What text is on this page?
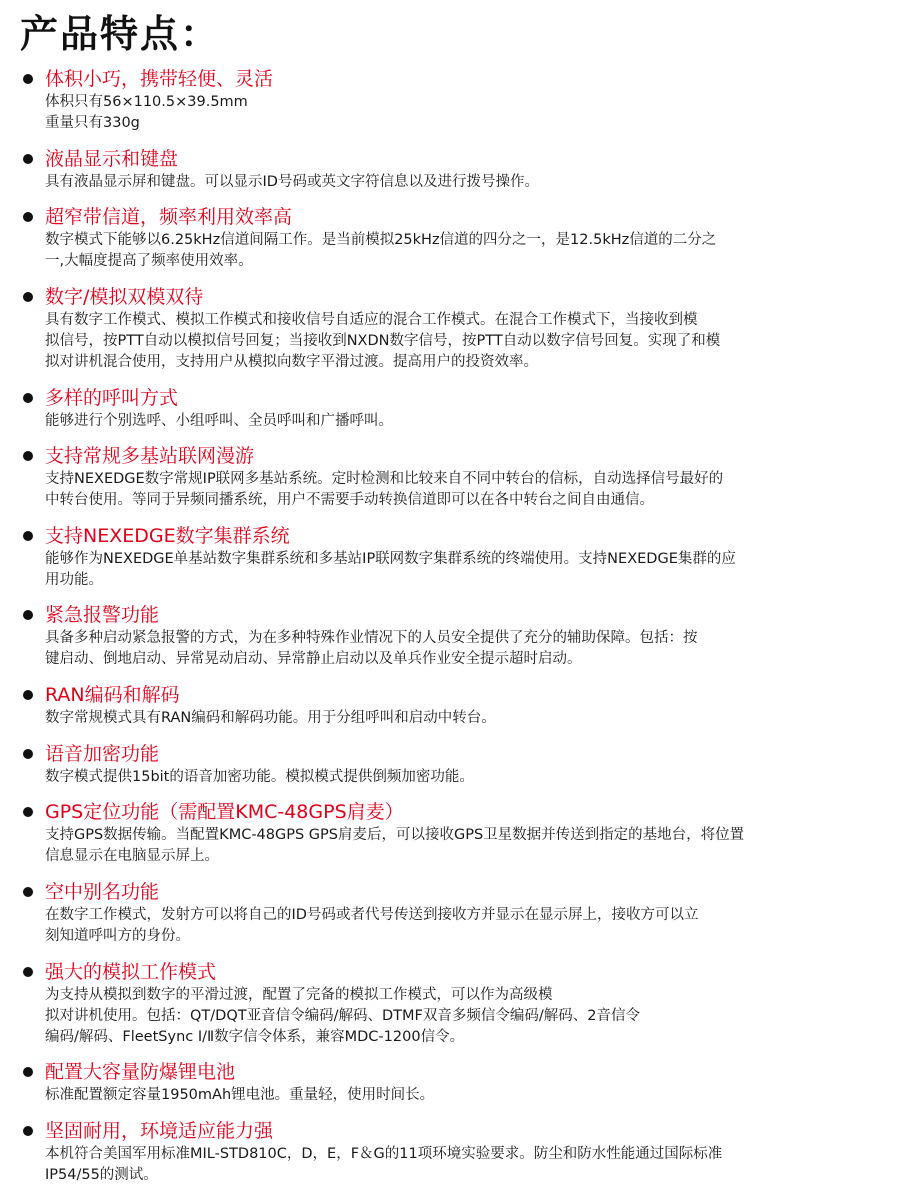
产品特点：
体积小巧，携带轻便、灵活
体积只有56×110.5×39.5mm
重量只有330g
液晶显示和键盘
具有液晶显示屏和键盘。可以显示ID号码或英文字符信息以及进行拨号操作。
超窄带信道，频率利用效率高
数字模式下能够以6.25kHz信道间隔工作。是当前模拟25kHz信道的四分之一，是12.5kHz信道的二分之
一,大幅度提高了频率使用效率。
数字/模拟双模双待
具有数字工作模式、模拟工作模式和接收信号自适应的混合工作模式。在混合工作模式下，当接收到模
拟信号，按PTT自动以模拟信号回复；当接收到NXDN数字信号，按PTT自动以数字信号回复。实现了和模
拟对讲机混合使用，支持用户从模拟向数字平滑过渡。提高用户的投资效率。
多样的呼叫方式
能够进行个别选呼、小组呼叫、全员呼叫和广播呼叫。
支持常规多基站联网漫游
支持NEXEDGE数字常规IP联网多基站系统。定时检测和比较来自不同中转台的信标，自动选择信号最好的
中转台使用。等同于异频同播系统，用户不需要手动转换信道即可以在各中转台之间自由通信。
支持NEXEDGE数字集群系统
能够作为NEXEDGE单基站数字集群系统和多基站IP联网数字集群系统的终端使用。支持NEXEDGE集群的应
用功能。
紧急报警功能
具备多种启动紧急报警的方式，为在多种特殊作业情况下的人员安全提供了充分的辅助保障。包括：按
键启动、倒地启动、异常晃动启动、异常静止启动以及单兵作业安全提示超时启动。
RAN编码和解码
数字常规模式具有RAN编码和解码功能。用于分组呼叫和启动中转台。
语音加密功能
数字模式提供15bit的语音加密功能。模拟模式提供倒频加密功能。
GPS定位功能（需配置KMC-48GPS肩麦）
支持GPS数据传输。当配置KMC-48GPS GPS肩麦后，可以接收GPS卫星数据并传送到指定的基地台，将位置
信息显示在电脑显示屏上。
空中别名功能
在数字工作模式，发射方可以将自己的ID号码或者代号传送到接收方并显示在显示屏上，接收方可以立
刻知道呼叫方的身份。
强大的模拟工作模式
为支持从模拟到数字的平滑过渡，配置了完备的模拟工作模式，可以作为高级模
拟对讲机使用。包括：QT/DQT亚音信令编码/解码、DTMF双音多频信令编码/解码、2音信令
编码/解码、FleetSync Ⅰ/Ⅱ数字信令体系，兼容MDC-1200信令。
配置大容量防爆锂电池
标准配置额定容量1950mAh锂电池。重量轻，使用时间长。
坚固耐用，环境适应能力强
本机符合美国军用标准MIL-STD810C，D，E，F＆G的11项环境实验要求。防尘和防水性能通过国际标准
IP54/55的测试。
